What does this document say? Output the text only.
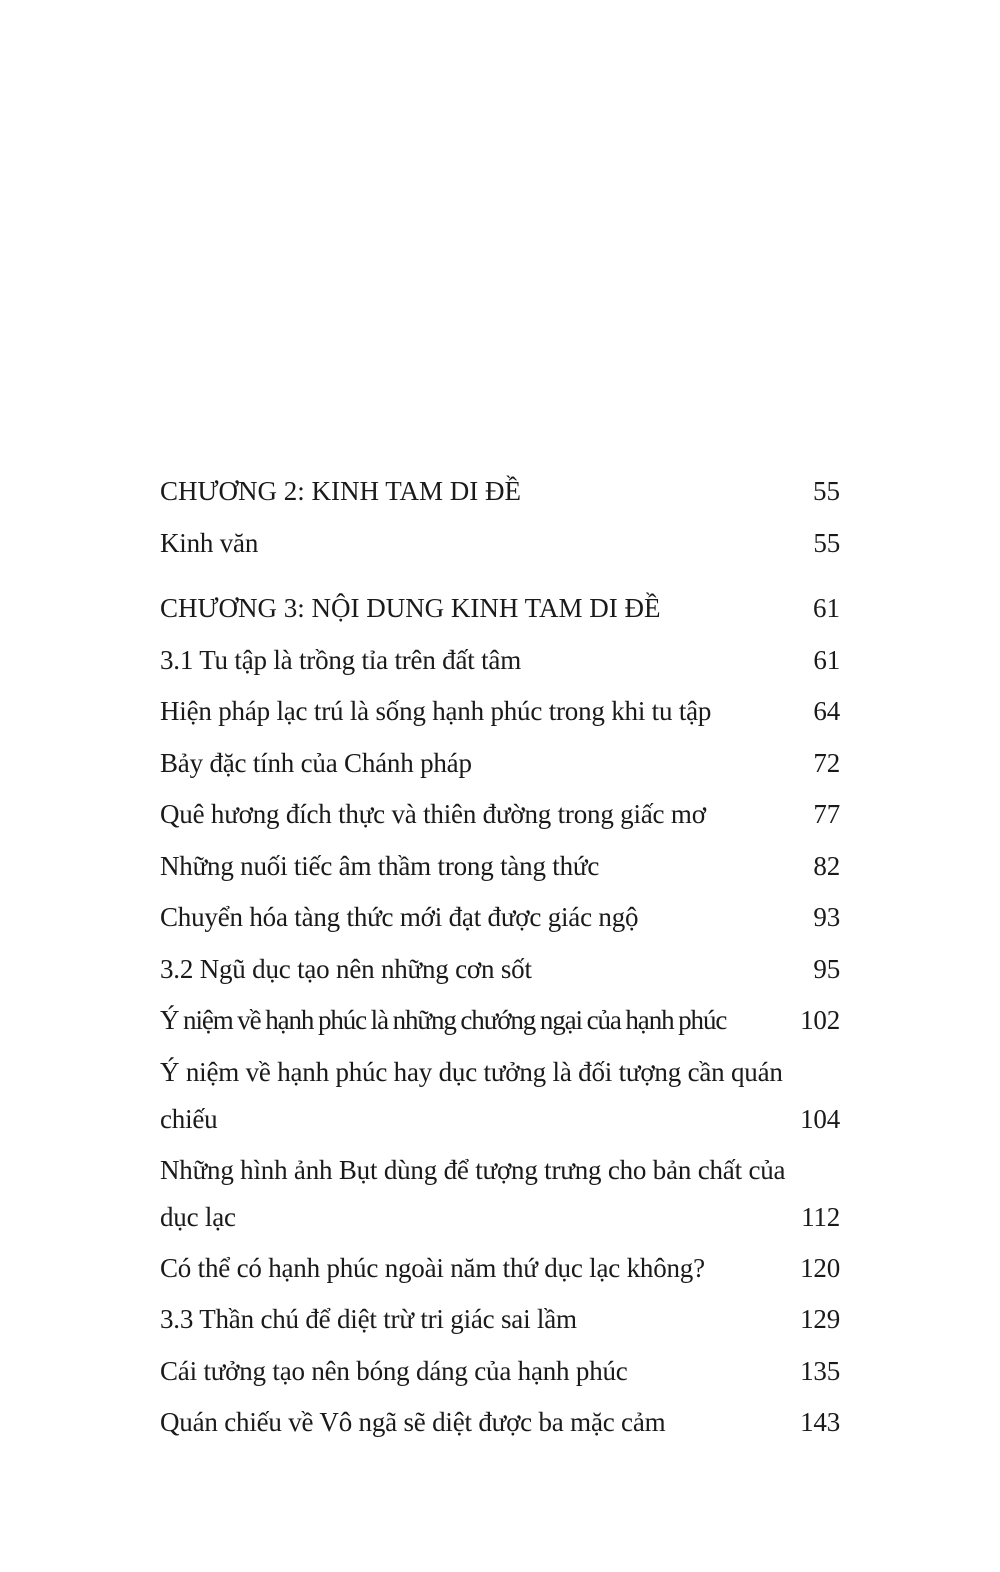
CHƯƠNG 2: KINH TAM DI ĐỀ	55
Kinh văn	55
CHƯƠNG 3: NỘI DUNG KINH TAM DI ĐỀ	61
3.1 Tu tập là trồng tỉa trên đất tâm	61
Hiện pháp lạc trú là sống hạnh phúc trong khi tu tập	64
Bảy đặc tính của Chánh pháp	72
Quê hương đích thực và thiên đường trong giấc mơ	77
Những nuối tiếc âm thầm trong tàng thức	82
Chuyển hóa tàng thức mới đạt được giác ngộ	93
3.2 Ngũ dục tạo nên những cơn sốt	95
Ý niệm về hạnh phúc là những chướng ngại của hạnh phúc	102
Ý niệm về hạnh phúc hay dục tưởng là đối tượng cần quán chiếu	104
Những hình ảnh Bụt dùng để tượng trưng cho bản chất của dục lạc	112
Có thể có hạnh phúc ngoài năm thứ dục lạc không?	120
3.3 Thần chú để diệt trừ tri giác sai lầm	129
Cái tưởng tạo nên bóng dáng của hạnh phúc	135
Quán chiếu về Vô ngã sẽ diệt được ba mặc cảm	143
